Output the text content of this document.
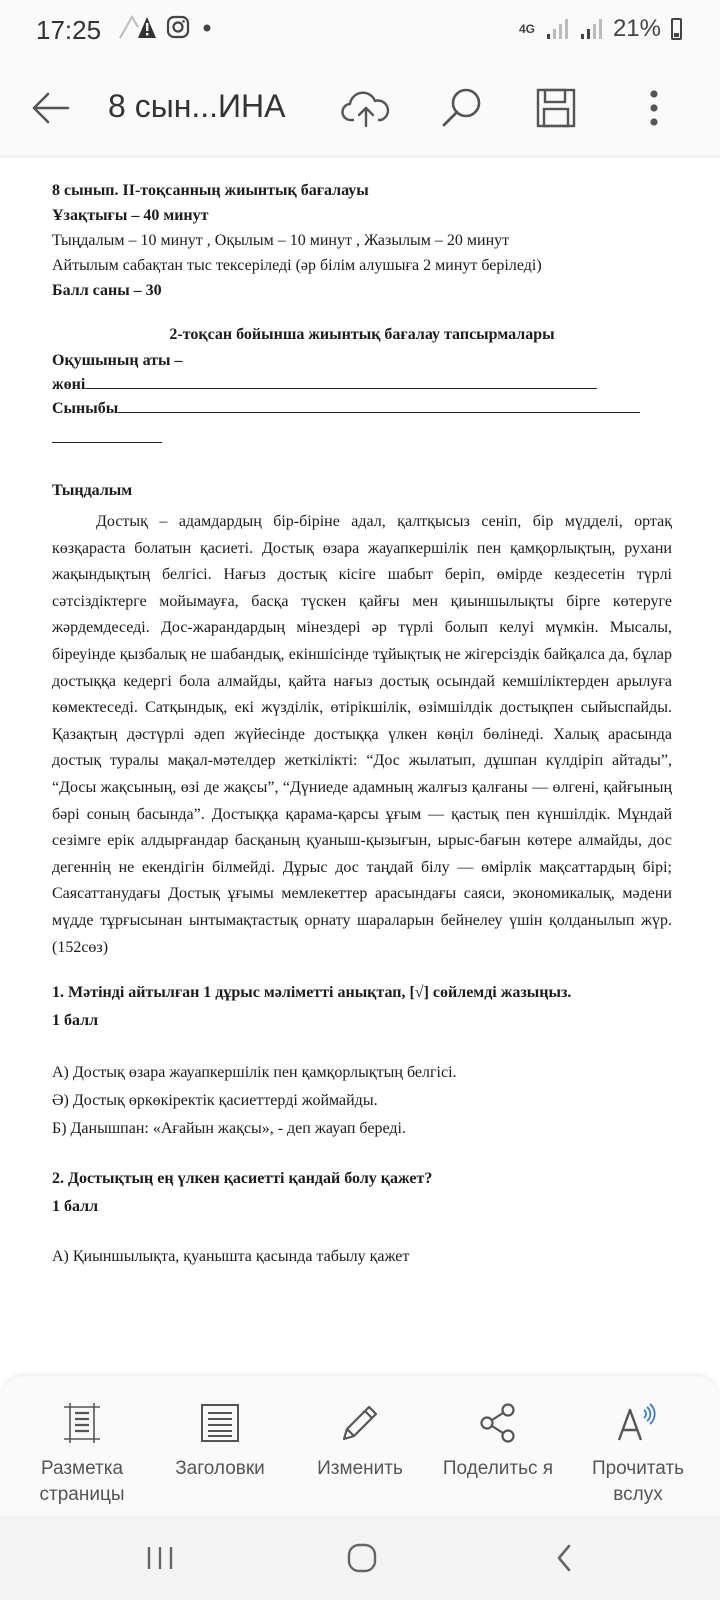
17:25	4G	21%
8 сын...ИНА

8 сынып. II-тоқсанның жиынтық бағалауы

Ұзақтығы – 40 минут

Тыңдалым – 10 минут , Оқылым – 10 минут , Жазылым – 20 минут

Айтылым сабақтан тыс тексеріледі (әр білім алушыға 2 минут беріледі)

Балл саны – 30

2-тоқсан бойынша жиынтық бағалау тапсырмалары

Оқушының аты –

жөні

Сыныбы

Тыңдалым

Достық – адамдардың бір-біріне адал, қалтқысыз сеніп, бір мүдделі, ортақ көзқараста болатын қасиеті. Достық өзара жауапкершілік пен қамқорлықтың, рухани жақындықтың белгісі. Нағыз достық кісіге шабыт беріп, өмірде кездесетін түрлі сәтсіздіктерге мойымауға, басқа түскен қайғы мен қиыншылықты бірге көтеруге жәрдемдеседі. Дос-жарандардың мінездері әр түрлі болып келуі мүмкін. Мысалы, біреуінде қызбалық не шабандық, екіншісінде тұйықтық не жігерсіздік байқалса да, бұлар достыққа кедергі бола алмайды, қайта нағыз достық осындай кемшіліктерден арылуға көмектеседі. Сатқындық, екі жүзділік, өтірікшілік, өзімшілдік достықпен сыйыспайды. Қазақтың дәстүрлі әдеп жүйесінде достыққа үлкен көңіл бөлінеді. Халық арасында достық туралы мақал-мәтелдер жеткілікті: “Дос жылатып, дұшпан күлдіріп айтады”, “Досы жақсының, өзі де жақсы”, “Дүниеде адамның жалғыз қалғаны — өлгені, қайғының бәрі соның басында”. Достыққа қарама-қарсы ұғым — қастық пен күншілдік. Мұндай сезімге ерік алдырғандар басқаның қуаныш-қызығын, ырыс-бағын көтере алмайды, дос дегеннің не екендігін білмейді. Дұрыс дос таңдай білу — өмірлік мақсаттардың бірі; Саясаттанудағы Достық ұғымы мемлекеттер арасындағы саяси, экономикалық, мәдени мүдде тұрғысынан ынтымақтастық орнату шараларын бейнелеу үшін қолданылып жүр. (152сөз)

1. Мәтінді айтылған 1 дұрыс мәліметті анықтап, [√] сөйлемді жазыңыз.

1 балл

А) Достық өзара жауапкершілік пен қамқорлықтың белгісі.

Ә) Достық өркөкіректік қасиеттерді жоймайды.

Б) Данышпан: «Ағайын жақсы», - деп жауап береді.

2. Достықтың ең үлкен қасиетті қандай болу қажет?

1 балл

А) Қиыншылықта, қуанышта қасында табылу қажет

Разметка страницы
Заголовки	Изменить	Поделитьс я	Прочитать вслух
